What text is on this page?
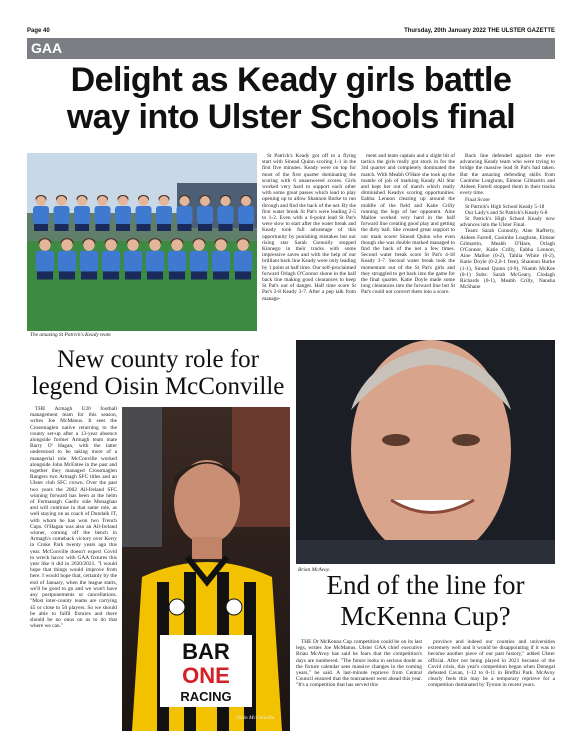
Page 40	Thursday, 20th January 2022 THE ULSTER GAZETTE
GAA
Delight as Keady girls battle
way into Ulster Schools final
The amazing St Patrick's Keady team

St Patrick's Keady got off to a flying start with Sinead Quinn scoring 1-1 in the first five minutes. Keady were on top for most of the first quarter dominating the scoring with 6 unanswered scores. Girls worked very hard to support each other with some great passes which lead to play opening up to allow Shannon Burke to run through and find the back of the net. By the first water break St Pat's were leading 2-5 to 1-2. Even with a 6-point lead St Pat's were slow to start after the water break and Keady took full advantage of this opportunity by punishing mistakes but our rising star Sarah Connolly stopped Kinnego in their tracks with some impressive saves and with the help of our brilliant back line Keady were only leading by 1 point at half time. Our self-proclaimed forward Orlagh O'Connor shone in the half back line making good clearances to keep St Pat's out of danger. Half time score St Pat's 2-8 Keady 3-7. After a pep talk from manage-

ment and team captain and a slight bit of tactics the girls really got stuck in for the 3rd quarter and completely dominated the match. With Meabh O'Hare she took up the mantle of job of marking Keady All Star and kept her out of match which really diminished Keadys scoring opportunities. Eabha Lennon clearing up around the middle of the field and Katie Crilly running the legs of her opponent. Aine Malloe worked very hard in the half forward line creating good play and getting the dirty ball. She created great support to our main scorer Sinead Quinn who even though she was double marked managed to find the back of the net a few times. Second water break score St Pat's 4-18 Keady 3-7. Second water break took the momentum out of the St Pat's girls and they struggled to get back into the game for the final quarter. Katie Doyle made some long clearances into the forward line but St Pat's could not convert them into a score.

Back line defended against the ever advancing Keady team who were trying to bridge the massive lead St Pat's had taken. But the amazing defending skills from Caoimhe Loughran, Eimear Gilmartin and Aideen Farrell stopped them in their tracks every time.

Final Score

St Patrick's High School Keady 5-18

Our Lady's and St Patrick's Keady 6-8

St Patrick's High School Keady now advances into the Ulster Final.

Team: Sarah Connolly, Aine Rafferty, Aideen Farrell, Caoimhe Loughran, Eimear Gilmartin, Meabh O'Hare, Orlagh O'Connor, Katie Crilly, Eabha Lennon, Aine Malloe (0-2), Tahlia White (0-2), Katie Doyle (0-2,0-1 free), Shannon Burke (1-1), Sinead Quinn (4-9), Niamh McKee (0-1) Subs: Sarah McGeary, Clodagh Richards (0-1), Meabh Crilly, Nansha McShane

New county role for
legend Oisin McConville

THE Armagh U20 football management team for this season, writes Joe McManus. It sees the Crossmaglen native returning to the county set-up after a 13-year absence alongside former Armagh team mate Barry O' Hagan, with the latter understood to be taking more of a managerial role. McConville worked alongside John McEntee in the past and together they managed Crossmaglen Rangers two Armagh SFC titles and an Ulster club SFC crown. Over the past two years the 2002 All-Ireland SFC winning forward has been at the helm of Fermanagh Gaelic side Monaghan and will continue in that same role, as well staying on as coach of Dundalk IT, with whom he has won two Trench Cups. O'Hagan was also an All-Ireland winner, coming off the bench in Armagh's comeback victory over Kerry in Croke Park twenty years ago this year. McConville doesn't expect Covid to wreck havoc with GAA fixtures this year like it did in 2020/2021. "I would hope that things would improve from here. I would hope that, certainly by the end of January, when the league starts, we'll be good to go and we won't have any postponements or cancellations. "Most inter-county teams are carrying 45 or close to 50 players. So we should be able to fulfil fixtures and there should be no onus on us to do that where we can."

BAR
ONE
RACING
Oisin McConville.
Brian McAvoy.
End of the line for
McKenna Cup?

THE Dr McKenna Cup competition could be on its last legs, writes Joe McManus. Ulster GAA chief executive Brian McAvoy has said he fears that the competition's days are numbered. "The future looks in serious doubt as the fixture calendar sees massive changes in the coming years," he said. A last-minute reprieve from Central Council ensured that the tournament went ahead this year. "It's a competition that has served this

province and indeed our counties and universities extremely well and it would be disappointing if it was to become another piece of our past history," added Ulster official. After not being played in 2021 because of the Covid crisis, this year's competition began when Donegal defeated Cavan, 1-12 to 0-11 in Breffni Park. McAvoy clearly feels this may be a temporary reprieve for a competition dominated by Tyrone in recent years.
